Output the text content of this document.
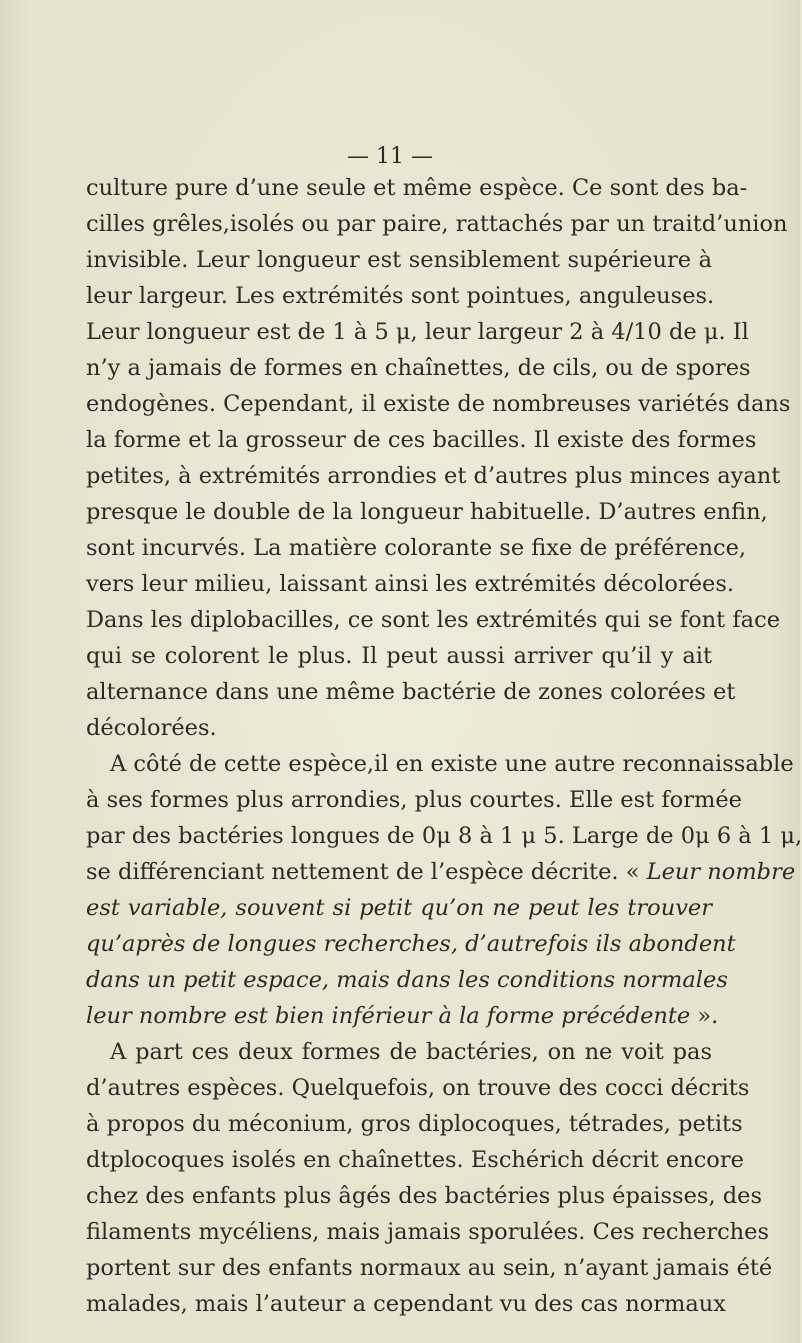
— 11 —
culture pure d’une seule et même espèce. Ce sont des ba-
cilles grêles,isolés ou par paire, rattachés par un traitd’union
invisible. Leur longueur est sensiblement supérieure à
leur largeur. Les extrémités sont pointues, anguleuses.
Leur longueur est de 1 à 5 μ, leur largeur 2 à 4/10 de μ. Il
n’y a jamais de formes en chaînettes, de cils, ou de spores
endogènes. Cependant, il existe de nombreuses variétés dans
la forme et la grosseur de ces bacilles. Il existe des formes
petites, à extrémités arrondies et d’autres plus minces ayant
presque le double de la longueur habituelle. D’autres enfin,
sont incurvés. La matière colorante se fixe de préférence,
vers leur milieu, laissant ainsi les extrémités décolorées.
Dans les diplobacilles, ce sont les extrémités qui se font face
qui se colorent le plus. Il peut aussi arriver qu’il y ait
alternance dans une même bactérie de zones colorées et
décolorées.
A côté de cette espèce,il en existe une autre reconnaissable
à ses formes plus arrondies, plus courtes. Elle est formée
par des bactéries longues de 0μ 8 à 1 μ 5. Large de 0μ 6 à 1 μ,
se différenciant nettement de l’espèce décrite. « Leur nombre
est variable, souvent si petit qu’on ne peut les trouver
qu’après de longues recherches, d’autrefois ils abondent
dans un petit espace, mais dans les conditions normales
leur nombre est bien inférieur à la forme précédente ».
A part ces deux formes de bactéries, on ne voit pas
d’autres espèces. Quelquefois, on trouve des cocci décrits
à propos du méconium, gros diplocoques, tétrades, petits
dtplocoques isolés en chaînettes. Eschérich décrit encore
chez des enfants plus âgés des bactéries plus épaisses, des
filaments mycéliens, mais jamais sporulées. Ces recherches
portent sur des enfants normaux au sein, n’ayant jamais été
malades, mais l’auteur a cependant vu des cas normaux
